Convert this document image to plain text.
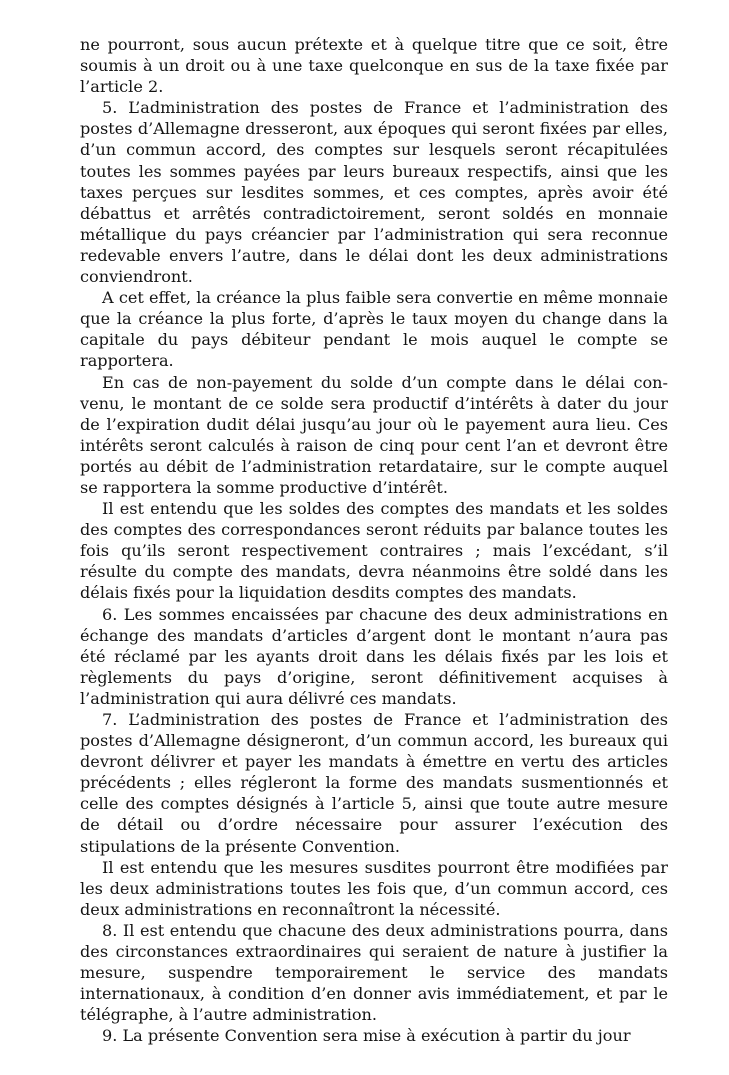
ne pourront, sous aucun prétexte et à quelque titre que ce soit, être soumis à un droit ou à une taxe quelconque en sus de la taxe fixée par l’article 2.

5. L’administration des postes de France et l’administration des postes d’Allemagne dresseront, aux époques qui seront fixées par elles, d’un commun accord, des comptes sur lesquels seront récapitulées toutes les sommes payées par leurs bureaux respectifs, ainsi que les taxes perçues sur lesdites sommes, et ces comptes, après avoir été débattus et arrêtés contradictoirement, seront soldés en monnaie métallique du pays créancier par l’administration qui sera reconnue redevable envers l’autre, dans le délai dont les deux administrations conviendront.

A cet effet, la créance la plus faible sera convertie en même monnaie que la créance la plus forte, d’après le taux moyen du change dans la capitale du pays débiteur pendant le mois auquel le compte se rapportera.

En cas de non-payement du solde d’un compte dans le délai convenu, le montant de ce solde sera productif d’intérêts à dater du jour de l’expiration dudit délai jusqu’au jour où le payement aura lieu. Ces intérêts seront calculés à raison de cinq pour cent l’an et devront être portés au débit de l’administration retardataire, sur le compte auquel se rapportera la somme productive d’intérêt.

Il est entendu que les soldes des comptes des mandats et les soldes des comptes des correspondances seront réduits par balance toutes les fois qu’ils seront respectivement contraires ; mais l’excédant, s’il résulte du compte des mandats, devra néanmoins être soldé dans les délais fixés pour la liquidation desdits comptes des mandats.

6. Les sommes encaissées par chacune des deux administrations en échange des mandats d’articles d’argent dont le montant n’aura pas été réclamé par les ayants droit dans les délais fixés par les lois et règlements du pays d’origine, seront définitivement acquises à l’administration qui aura délivré ces mandats.

7. L’administration des postes de France et l’administration des postes d’Allemagne désigneront, d’un commun accord, les bureaux qui devront délivrer et payer les mandats à émettre en vertu des articles précédents ; elles régleront la forme des mandats susmentionnés et celle des comptes désignés à l’article 5, ainsi que toute autre mesure de détail ou d’ordre nécessaire pour assurer l’exécution des stipulations de la présente Convention.

Il est entendu que les mesures susdites pourront être modifiées par les deux administrations toutes les fois que, d’un commun accord, ces deux administrations en reconnaîtront la nécessité.

8. Il est entendu que chacune des deux administrations pourra, dans des circonstances extraordinaires qui seraient de nature à justifier la mesure, suspendre temporairement le service des mandats internationaux, à condition d’en donner avis immédiatement, et par le télégraphe, à l’autre administration.

9. La présente Convention sera mise à exécution à partir du jour
